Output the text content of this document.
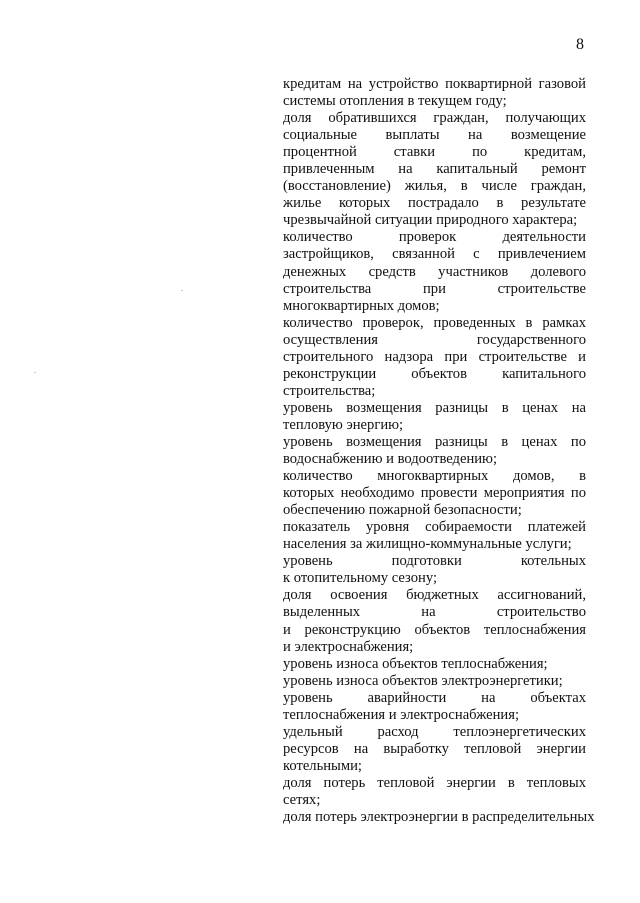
8
кредитам на устройство поквартирной газовой
системы отопления в текущем году;
доля обратившихся граждан, получающих
социальные выплаты на возмещение
процентной ставки по кредитам,
привлеченным на капитальный ремонт
(восстановление) жилья, в числе граждан,
жилье которых пострадало в результате
чрезвычайной ситуации природного характера;
количество проверок деятельности
застройщиков, связанной с привлечением
денежных средств участников долевого
строительства при строительстве
многоквартирных домов;
количество проверок, проведенных в рамках
осуществления государственного
строительного надзора при строительстве и
реконструкции объектов капитального
строительства;
уровень возмещения разницы в ценах на
тепловую энергию;
уровень возмещения разницы в ценах по
водоснабжению и водоотведению;
количество многоквартирных домов, в
которых необходимо провести мероприятия по
обеспечению пожарной безопасности;
показатель уровня собираемости платежей
населения за жилищно-коммунальные услуги;
уровень подготовки котельных
к отопительному сезону;
доля освоения бюджетных ассигнований,
выделенных на строительство
и реконструкцию объектов теплоснабжения
и электроснабжения;
уровень износа объектов теплоснабжения;
уровень износа объектов электроэнергетики;
уровень аварийности на объектах
теплоснабжения и электроснабжения;
удельный расход теплоэнергетических
ресурсов на выработку тепловой энергии
котельными;
доля потерь тепловой энергии в тепловых
сетях;
доля потерь электроэнергии в распределительных
